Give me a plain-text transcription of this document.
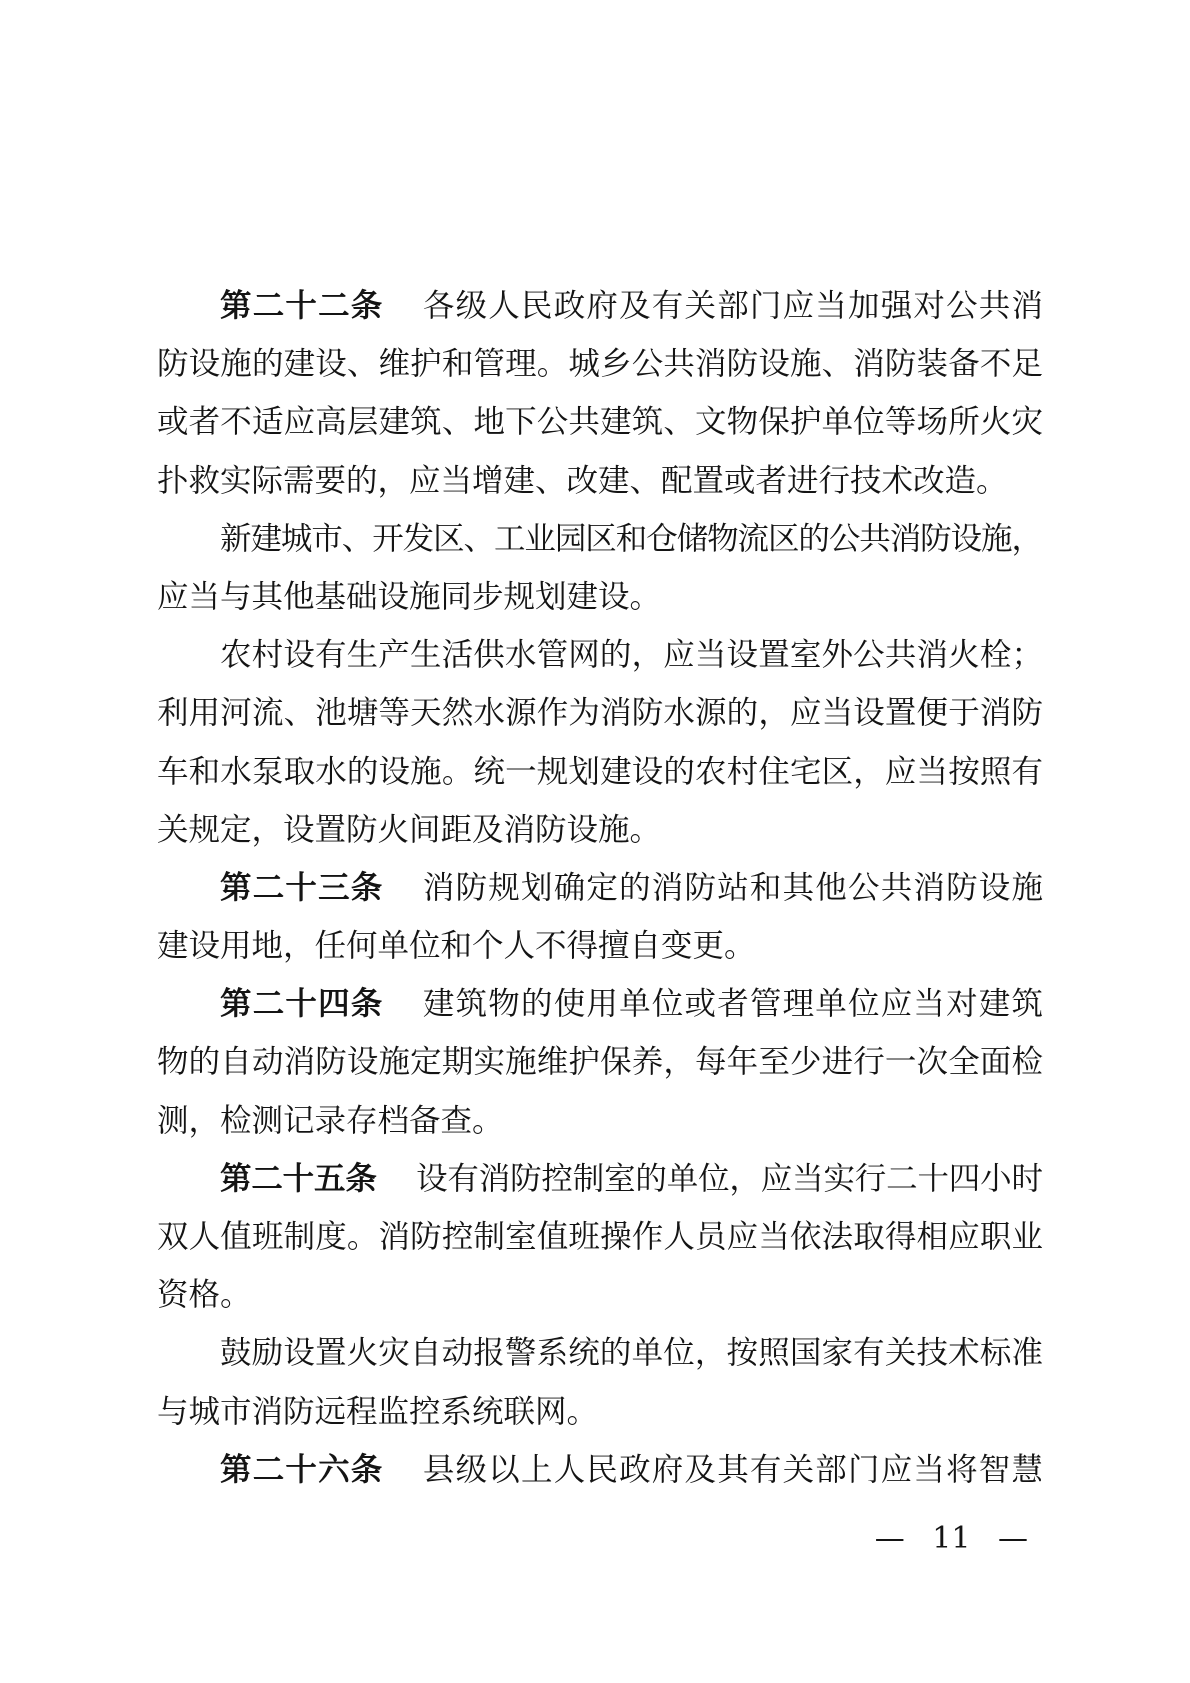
第二十二条 各级人民政府及有关部门应当加强对公共消
防设施的建设、维护和管理。城乡公共消防设施、消防装备不足
或者不适应高层建筑、地下公共建筑、文物保护单位等场所火灾
扑救实际需要的，应当增建、改建、配置或者进行技术改造。
新建城市、开发区、工业园区和仓储物流区的公共消防设施，
应当与其他基础设施同步规划建设。
农村设有生产生活供水管网的，应当设置室外公共消火栓；
利用河流、池塘等天然水源作为消防水源的，应当设置便于消防
车和水泵取水的设施。统一规划建设的农村住宅区，应当按照有
关规定，设置防火间距及消防设施。
第二十三条 消防规划确定的消防站和其他公共消防设施
建设用地，任何单位和个人不得擅自变更。
第二十四条 建筑物的使用单位或者管理单位应当对建筑
物的自动消防设施定期实施维护保养，每年至少进行一次全面检
测，检测记录存档备查。
第二十五条 设有消防控制室的单位，应当实行二十四小时
双人值班制度。消防控制室值班操作人员应当依法取得相应职业
资格。
鼓励设置火灾自动报警系统的单位，按照国家有关技术标准
与城市消防远程监控系统联网。
第二十六条 县级以上人民政府及其有关部门应当将智慧
— 11 —
